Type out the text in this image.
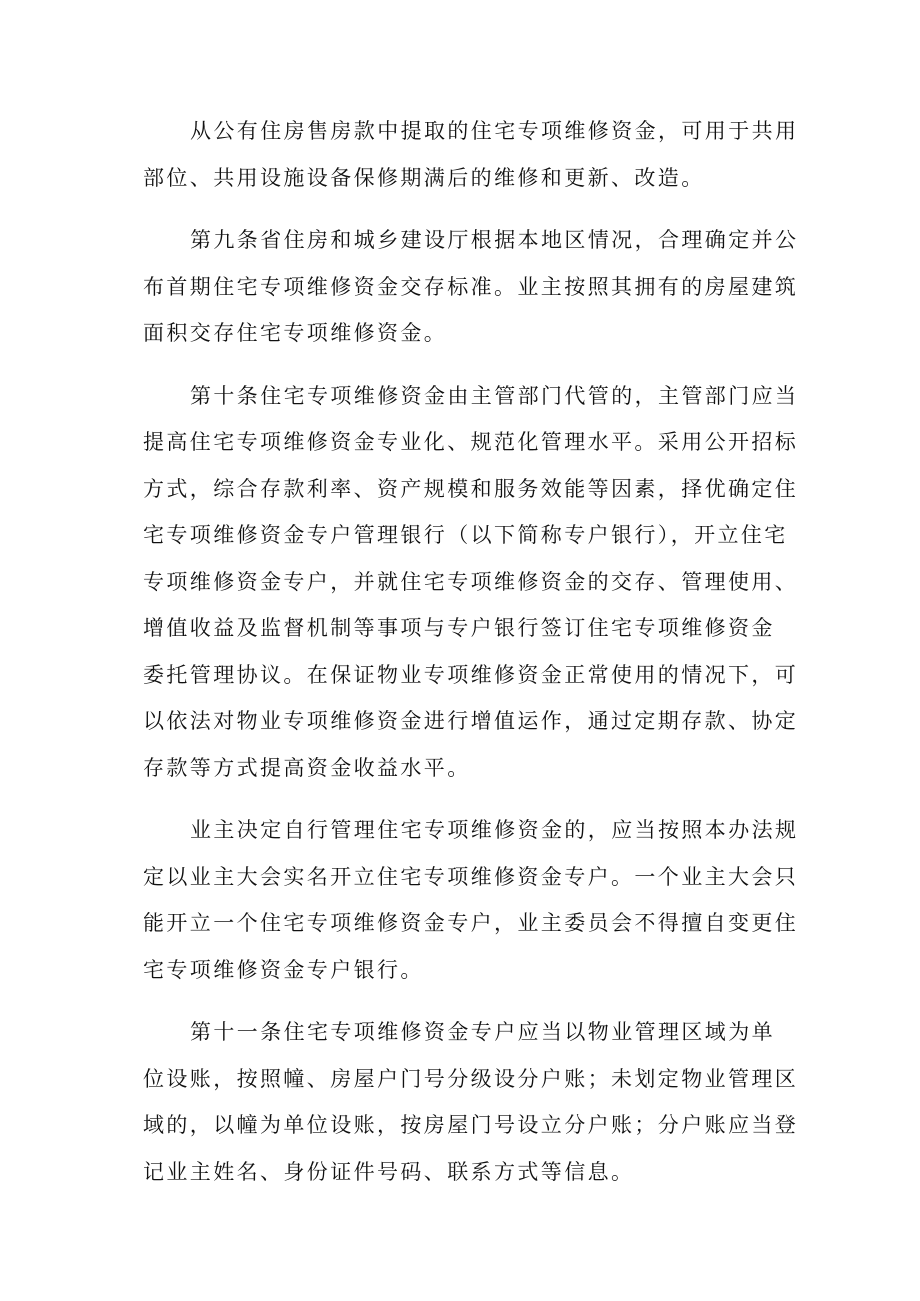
从公有住房售房款中提取的住宅专项维修资金，可用于共用
部位、共用设施设备保修期满后的维修和更新、改造。
第九条省住房和城乡建设厅根据本地区情况，合理确定并公
布首期住宅专项维修资金交存标准。业主按照其拥有的房屋建筑
面积交存住宅专项维修资金。
第十条住宅专项维修资金由主管部门代管的，主管部门应当
提高住宅专项维修资金专业化、规范化管理水平。采用公开招标
方式，综合存款利率、资产规模和服务效能等因素，择优确定住
宅专项维修资金专户管理银行（以下简称专户银行），开立住宅
专项维修资金专户，并就住宅专项维修资金的交存、管理使用、
增值收益及监督机制等事项与专户银行签订住宅专项维修资金
委托管理协议。在保证物业专项维修资金正常使用的情况下，可
以依法对物业专项维修资金进行增值运作，通过定期存款、协定
存款等方式提高资金收益水平。
业主决定自行管理住宅专项维修资金的，应当按照本办法规
定以业主大会实名开立住宅专项维修资金专户。一个业主大会只
能开立一个住宅专项维修资金专户，业主委员会不得擅自变更住
宅专项维修资金专户银行。
第十一条住宅专项维修资金专户应当以物业管理区域为单
位设账，按照幢、房屋户门号分级设分户账；未划定物业管理区
域的，以幢为单位设账，按房屋门号设立分户账；分户账应当登
记业主姓名、身份证件号码、联系方式等信息。
